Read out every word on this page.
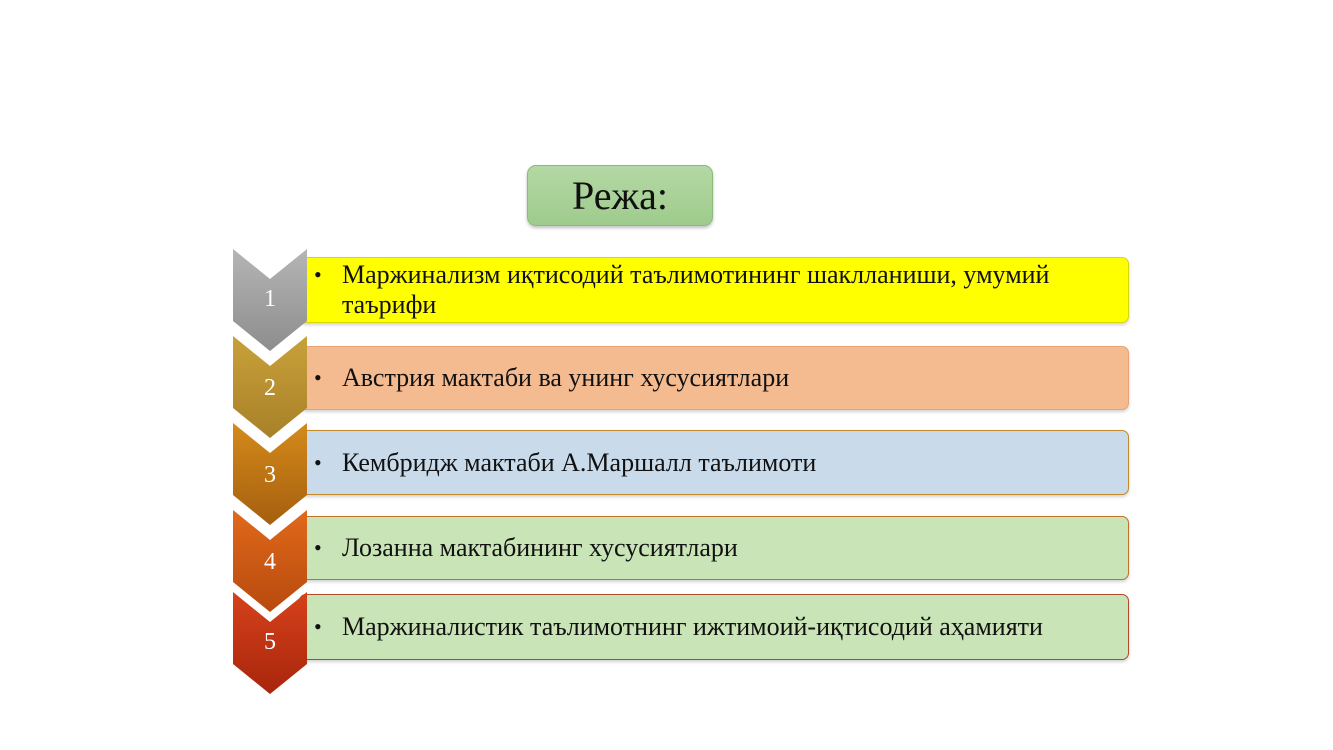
Режа:
• Маржинализм иқтисодий таълимотининг шаклланиши, умумий таърифи
1
• Австрия мактаби ва унинг хусусиятлари
2
• Кембридж мактаби А.Маршалл таълимоти
3
• Лозанна мактабининг хусусиятлари
4
• Маржиналистик таълимотнинг ижтимоий-иқтисодий аҳамияти
5
